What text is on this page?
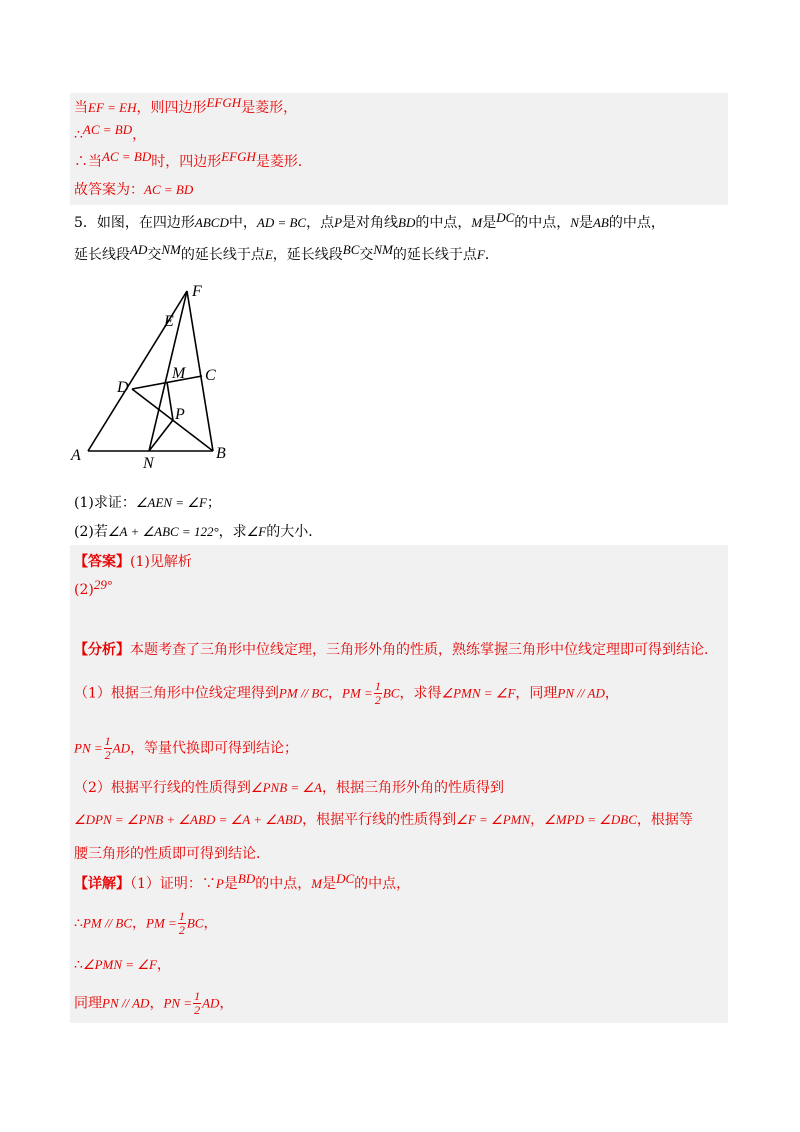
当EF = EH，则四边形EFGH是菱形，
∴AC = BD，
∴当AC = BD时，四边形EFGH是菱形．
故答案为：AC = BD
5．如图，在四边形ABCD中，AD = BC，点P是对角线BD的中点，M是DC的中点，N是AB的中点，
延长线段AD交NM的延长线于点E，延长线段BC交NM的延长线于点F．
F
E
M C
D
P
A	N
B
(1)求证：∠AEN = ∠F；
(2)若∠A + ∠ABC = 122°，求∠F的大小．
【答案】(1)见解析
(2)29°
【分析】本题考查了三角形中位线定理，三角形外角的性质，熟练掌握三角形中位线定理即可得到结论．
（1）根据三角形中位线定理得到PM // BC，PM = $\frac{1}{2}$ BC，求得∠PMN = ∠F，同理PN // AD，
PN = $\frac{1}{2}$ AD，等量代换即可得到结论；
（2）根据平行线的性质得到∠PNB = ∠A，根据三角形外角的性质得到
∠DPN = ∠PNB + ∠ABD = ∠A + ∠ABD，根据平行线的性质得到∠F = ∠PMN，∠MPD = ∠DBC，根据等
腰三角形的性质即可得到结论．
【详解】（1）证明：∵P是BD的中点，M是DC的中点，
∴PM // BC，PM = $\frac{1}{2}$ BC，
∴∠PMN = ∠F，
同理PN // AD，PN = $\frac{1}{2}$ AD，
